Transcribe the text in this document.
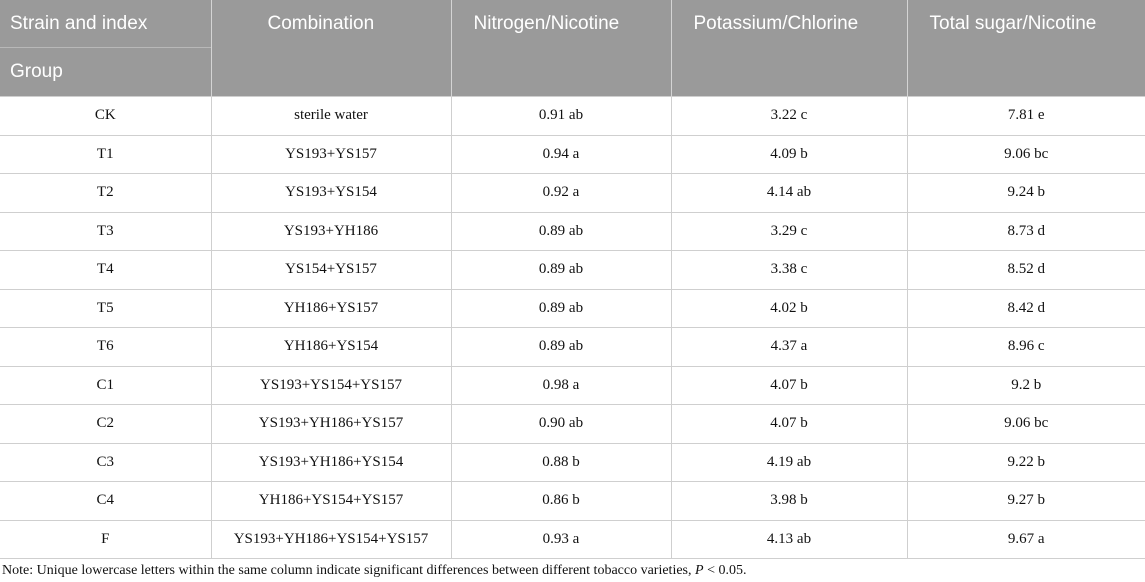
Strain and index
Group	Combination	Nitrogen/Nicotine	Potassium/Chlorine	Total sugar/Nicotine

CK	sterile water	0.91 ab	3.22 c	7.81 e
T1	YS193+YS157	0.94 a	4.09 b	9.06 bc
T2	YS193+YS154	0.92 a	4.14 ab	9.24 b
T3	YS193+YH186	0.89 ab	3.29 c	8.73 d
T4	YS154+YS157	0.89 ab	3.38 c	8.52 d
T5	YH186+YS157	0.89 ab	4.02 b	8.42 d
T6	YH186+YS154	0.89 ab	4.37 a	8.96 c
C1	YS193+YS154+YS157	0.98 a	4.07 b	9.2 b
C2	YS193+YH186+YS157	0.90 ab	4.07 b	9.06 bc
C3	YS193+YH186+YS154	0.88 b	4.19 ab	9.22 b
C4	YH186+YS154+YS157	0.86 b	3.98 b	9.27 b
F	YS193+YH186+YS154+YS157	0.93 a	4.13 ab	9.67 a
Note: Unique lowercase letters within the same column indicate significant differences between different tobacco varieties, P < 0.05.
